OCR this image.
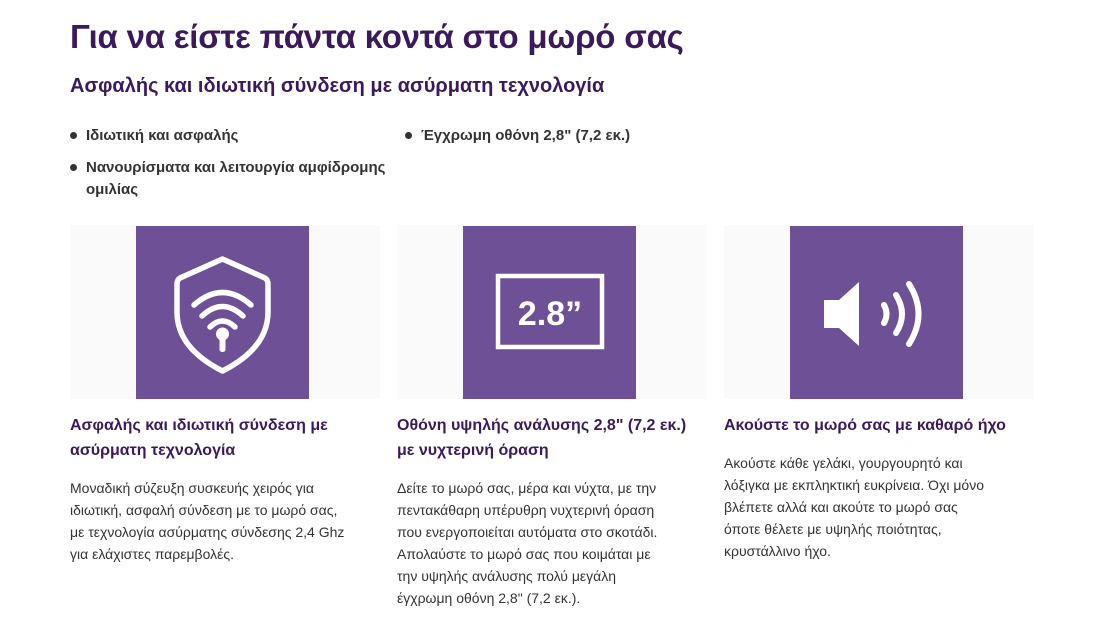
Για να είστε πάντα κοντά στο μωρό σας
Ασφαλής και ιδιωτική σύνδεση με ασύρματη τεχνολογία
Ιδιωτική και ασφαλής
Νανουρίσματα και λειτουργία αμφίδρομης ομιλίας
Έγχρωμη οθόνη 2,8" (7,2 εκ.)
Ασφαλής και ιδιωτική σύνδεση με
ασύρματη τεχνολογία
Μοναδική σύζευξη συσκευής χειρός για
ιδιωτική, ασφαλή σύνδεση με το μωρό σας,
με τεχνολογία ασύρματης σύνδεσης 2,4 Ghz
για ελάχιστες παρεμβολές.
2.8”
Οθόνη υψηλής ανάλυσης 2,8" (7,2 εκ.)
με νυχτερινή όραση
Δείτε το μωρό σας, μέρα και νύχτα, με την
πεντακάθαρη υπέρυθρη νυχτερινή όραση
που ενεργοποιείται αυτόματα στο σκοτάδι.
Απολαύστε το μωρό σας που κοιμάται με
την υψηλής ανάλυσης πολύ μεγάλη
έγχρωμη οθόνη 2,8" (7,2 εκ.).
Ακούστε το μωρό σας με καθαρό ήχο
Ακούστε κάθε γελάκι, γουργουρητό και
λόξιγκα με εκπληκτική ευκρίνεια. Όχι μόνο
βλέπετε αλλά και ακούτε το μωρό σας
όποτε θέλετε με υψηλής ποιότητας,
κρυστάλλινο ήχο.
